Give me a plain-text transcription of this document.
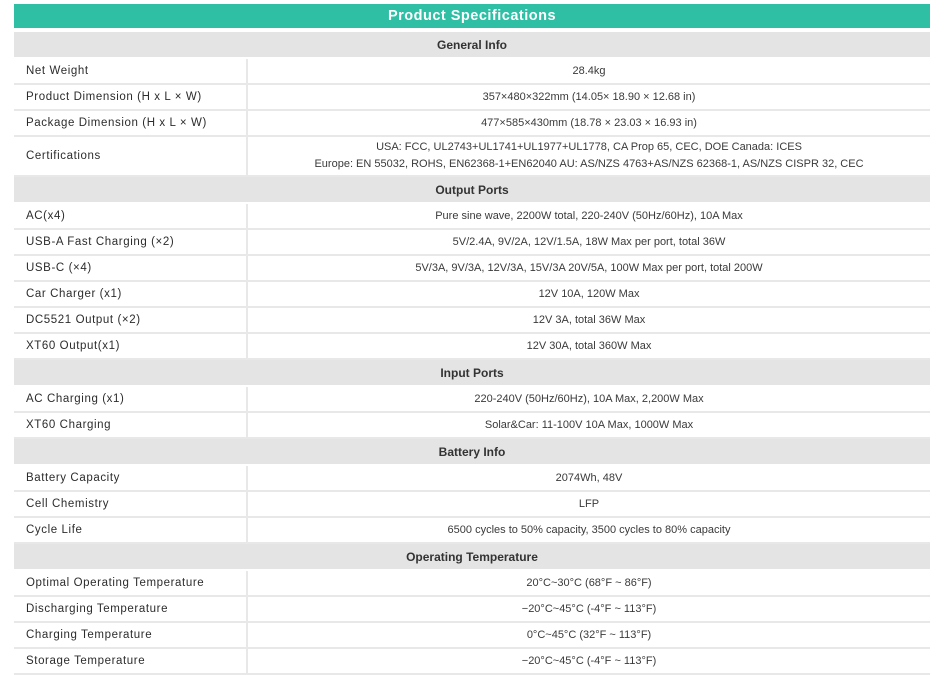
Product Specifications
General Info	
Net Weight	28.4kg

Product Dimension (H x L × W)	357×480×322mm (14.05× 18.90 × 12.68 in)

Package Dimension (H x L × W)	477×585×430mm (18.78 × 23.03 × 16.93 in)

Certifications	USA: FCC, UL2743+UL1741+UL1977+UL1778, CA Prop 65, CEC, DOE Canada: ICES
Europe: EN 55032, ROHS, EN62368-1+EN62040 AU: AS/NZS 4763+AS/NZS 62368-1, AS/NZS CISPR 32, CEC

Output Ports	
AC(x4)	Pure sine wave, 2200W total, 220-240V (50Hz/60Hz), 10A Max

USB-A Fast Charging (×2)	5V/2.4A, 9V/2A, 12V/1.5A, 18W Max per port, total 36W

USB-C (×4)	5V/3A, 9V/3A, 12V/3A, 15V/3A 20V/5A, 100W Max per port, total 200W

Car Charger (x1)	12V 10A, 120W Max

DC5521 Output (×2)	12V 3A, total 36W Max

XT60 Output(x1)	12V 30A, total 360W Max

Input Ports	
AC Charging (x1)	220-240V (50Hz/60Hz), 10A Max, 2,200W Max

XT60 Charging	Solar&Car: 11-100V 10A Max, 1000W Max

Battery Info	
Battery Capacity	2074Wh, 48V

Cell Chemistry	LFP

Cycle Life	6500 cycles to 50% capacity, 3500 cycles to 80% capacity

Operating Temperature	
Optimal Operating Temperature	20°C~30°C (68°F ~ 86°F)

Discharging Temperature	−20°C~45°C (-4°F ~ 113°F)

Charging Temperature	0°C~45°C (32°F ~ 113°F)

Storage Temperature	−20°C~45°C (-4°F ~ 113°F)
